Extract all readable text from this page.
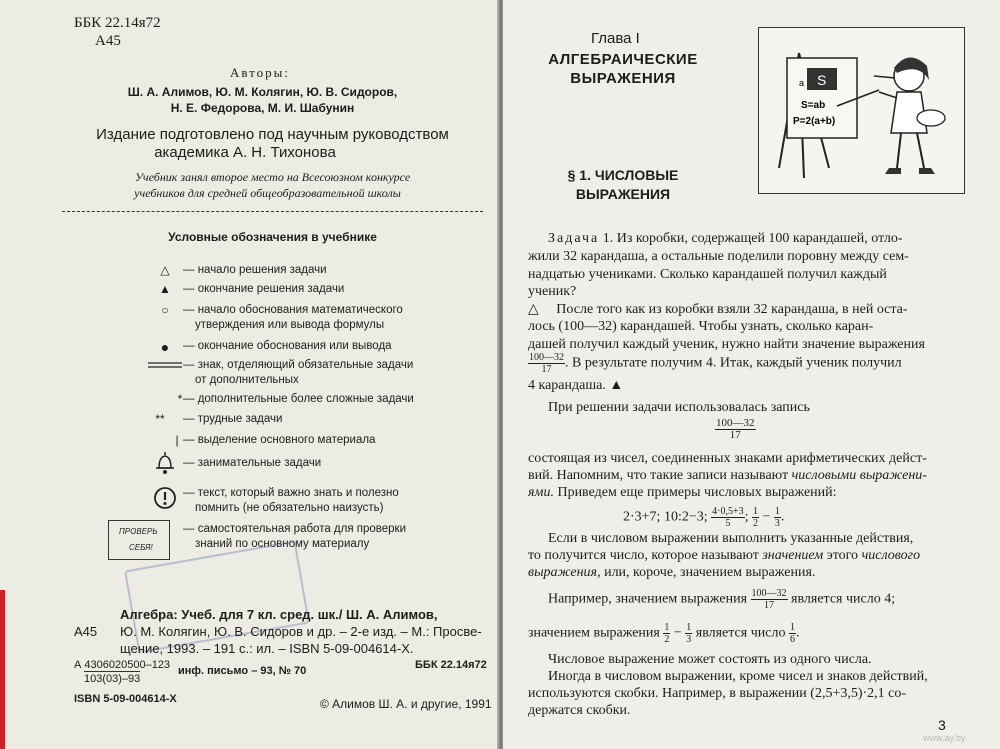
ББК 22.14я72
А45
Авторы:
Ш. А. Алимов, Ю. М. Колягин, Ю. В. Сидоров,
Н. Е. Федорова, М. И. Шабунин
Издание подготовлено под научным руководством
академика А. Н. Тихонова
Учебник занял второе место на Всесоюзном конкурсе
учебников для средней общеобразовательной школы
Условные обозначения в учебнике
△	— начало решения задачи
▲	— окончание решения задачи
○	— начало обоснования математического
утверждения или вывода формулы
●	— окончание обоснования или вывода
— знак, отделяющий обязательные задачи
от дополнительных
* — дополнительные более сложные задачи
**	— трудные задачи
| — выделение основного материала
— занимательные задачи
— текст, который важно знать и полезно
помнить (не обязательно наизусть)
— самостоятельная работа для проверки
знаний по основному материалу
ПРОВЕРЬ
СЕБЯ!
Алгебра: Учеб. для 7 кл. сред. шк./ Ш. А. Алимов,
А45 Ю. М. Колягин, Ю. В. Сидоров и др. – 2-е изд. – М.: Просве-
щение, 1993. – 191 с.: ил. – ISBN 5-09-004614-X.
А 4306020500–123
103(03)–93
инф. письмо – 93, № 70	ББК 22.14я72
ISBN 5-09-004614-X	© Алимов Ш. А. и другие, 1991
Глава I
АЛГЕБРАИЧЕСКИЕ
ВЫРАЖЕНИЯ
§ 1. ЧИСЛОВЫЕ
ВЫРАЖЕНИЯ
S
a
S=ab
P=2(a+b)
Задача 1. Из коробки, содержащей 100 карандашей, отло-
жили 32 карандаша, а остальные поделили поровну между сем-
надцатью учениками. Сколько карандашей получил каждый
ученик?
△ После того как из коробки взяли 32 карандаша, в ней оста-
лось (100—32) карандашей. Чтобы узнать, сколько каран-
дашей получил каждый ученик, нужно найти значение выражения
$\frac{100—32}{17}$ . В результате получим 4. Итак, каждый ученик получил
4 карандаша. ▲
При решении задачи использовалась запись
$\frac{100—32}{17}$
состоящая из чисел, соединенных знаками арифметических дейст-
вий. Напомним, что такие записи называют числовыми выражени-
ями. Приведем еще примеры числовых выражений:
2·3+7; 10:2−3; $\frac{4\cdot 0,5+3}{5}$ ; $\frac{1}{2} - \frac{1}{3}$ .
Если в числовом выражении выполнить указанные действия,
то получится число, которое называют значением этого числового
выражения, или, короче, значением выражения.
Например, значением выражения $\frac{100—32}{17}$ является число 4;
значением выражения $\frac{1}{2} - \frac{1}{3}$ является число $\frac{1}{6}$ .
Числовое выражение может состоять из одного числа.
Иногда в числовом выражении, кроме чисел и знаков действий,
используются скобки. Например, в выражении (2,5+3,5)·2,1 со-
держатся скобки.
3
www.ay.by
